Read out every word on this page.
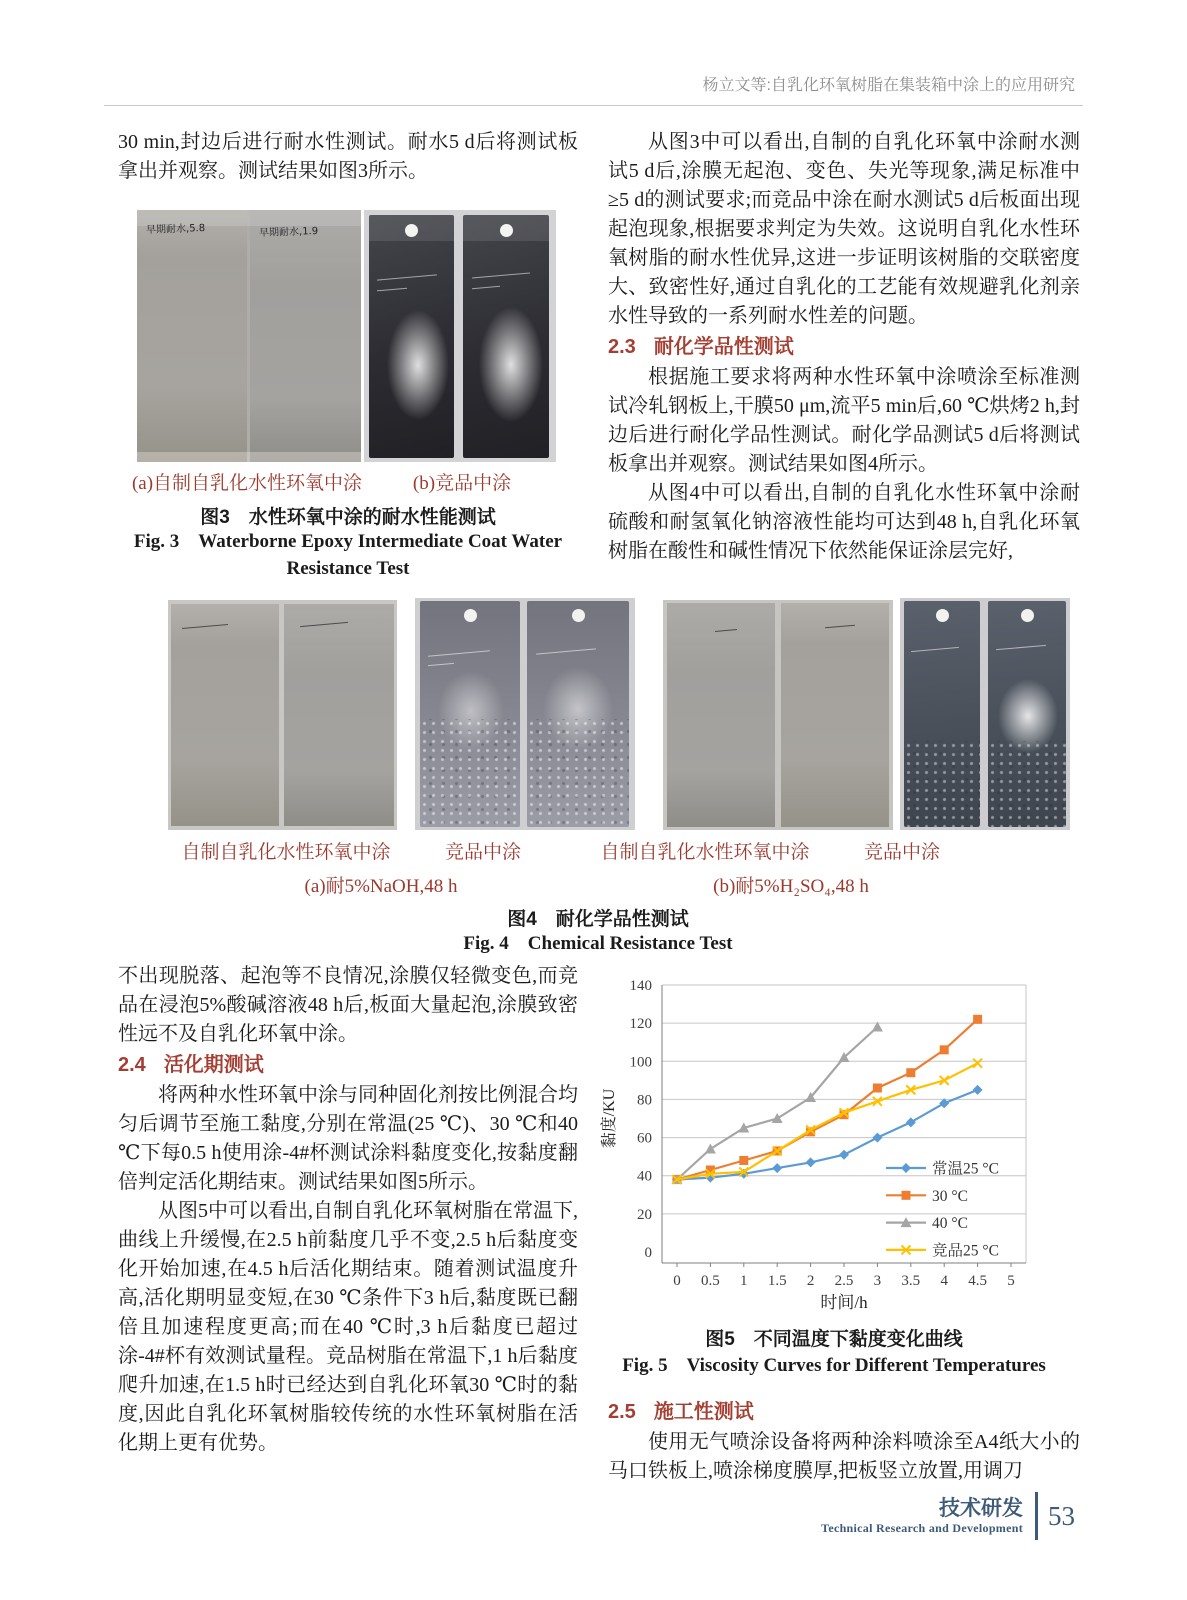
杨立文等:自乳化环氧树脂在集装箱中涂上的应用研究
30 min,封边后进行耐水性测试。耐水5 d后将测试板拿出并观察。测试结果如图3所示。
早期耐水,5.8	早期耐水,1.9
(a)自制自乳化水性环氧中涂	(b)竞品中涂
图3　水性环氧中涂的耐水性能测试
Fig. 3  Waterborne Epoxy Intermediate Coat Water Resistance Test
从图3中可以看出,自制的自乳化环氧中涂耐水测试5 d后,涂膜无起泡、变色、失光等现象,满足标准中≥5 d的测试要求;而竞品中涂在耐水测试5 d后板面出现起泡现象,根据要求判定为失效。这说明自乳化水性环氧树脂的耐水性优异,这进一步证明该树脂的交联密度大、致密性好,通过自乳化的工艺能有效规避乳化剂亲水性导致的一系列耐水性差的问题。
2.3 耐化学品性测试
根据施工要求将两种水性环氧中涂喷涂至标准测试冷轧钢板上,干膜50 μm,流平5 min后,60 ℃烘烤2 h,封边后进行耐化学品性测试。耐化学品测试5 d后将测试板拿出并观察。测试结果如图4所示。
从图4中可以看出,自制的自乳化水性环氧中涂耐硫酸和耐氢氧化钠溶液性能均可达到48 h,自乳化环氧树脂在酸性和碱性情况下依然能保证涂层完好,
自制自乳化水性环氧中涂	竞品中涂	自制自乳化水性环氧中涂	竞品中涂
(a)耐5%NaOH,48 h	(b)耐5%H₂SO₄,48 h
图4　耐化学品性测试
Fig. 4  Chemical Resistance Test
不出现脱落、起泡等不良情况,涂膜仅轻微变色,而竞品在浸泡5%酸碱溶液48 h后,板面大量起泡,涂膜致密性远不及自乳化环氧中涂。
2.4 活化期测试
将两种水性环氧中涂与同种固化剂按比例混合均匀后调节至施工黏度,分别在常温(25 ℃)、30 ℃和40 ℃下每0.5 h使用涂-4#杯测试涂料黏度变化,按黏度翻倍判定活化期结束。测试结果如图5所示。
从图5中可以看出,自制自乳化环氧树脂在常温下,曲线上升缓慢,在2.5 h前黏度几乎不变,2.5 h后黏度变化开始加速,在4.5 h后活化期结束。随着测试温度升高,活化期明显变短,在30 ℃条件下3 h后,黏度既已翻倍且加速程度更高;而在40 ℃时,3 h后黏度已超过涂-4#杯有效测试量程。竞品树脂在常温下,1 h后黏度爬升加速,在1.5 h时已经达到自乳化环氧30 ℃时的黏度,因此自乳化环氧树脂较传统的水性环氧树脂在活化期上更有优势。
0
20
40
60
80
100
120
140
0 0.5 1 1.5 2 2.5 3 3.5 4 4.5 5
常温25 °C
30 °C
40 °C
竞品25 °C
时间/h
黏度/KU
图5　不同温度下黏度变化曲线
Fig. 5  Viscosity Curves for Different Temperatures
2.5 施工性测试
使用无气喷涂设备将两种涂料喷涂至A4纸大小的马口铁板上,喷涂梯度膜厚,把板竖立放置,用调刀
技术研发
Technical Research and Development 53
